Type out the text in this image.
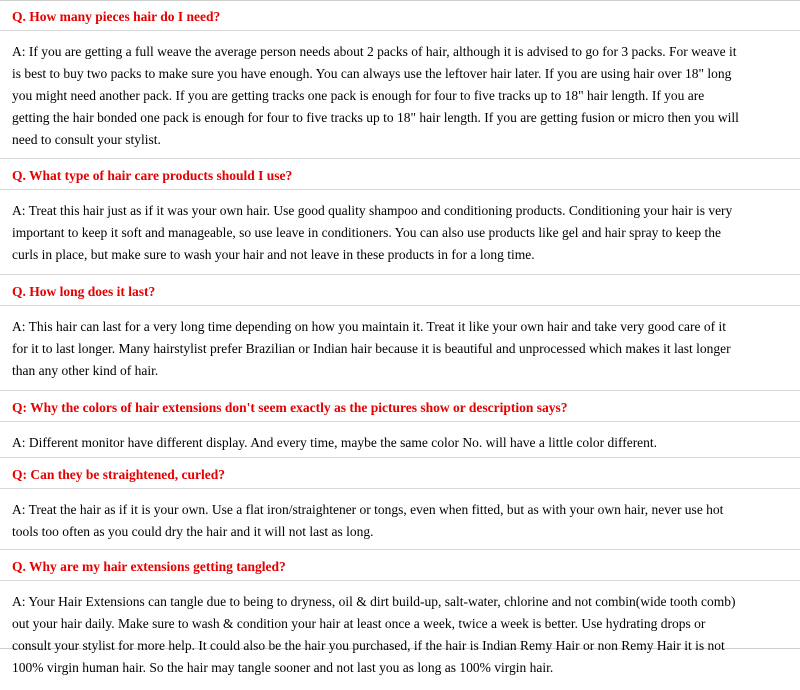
Q. How many pieces hair do I need?
A: If you are getting a full weave the average person needs about 2 packs of hair, although it is advised to go for 3 packs. For weave it is best to buy two packs to make sure you have enough. You can always use the leftover hair later. If you are using hair over 18" long you might need another pack. If you are getting tracks one pack is enough for four to five tracks up to 18" hair length. If you are getting the hair bonded one pack is enough for four to five tracks up to 18" hair length. If you are getting fusion or micro then you will need to consult your stylist.
Q. What type of hair care products should I use?
A: Treat this hair just as if it was your own hair. Use good quality shampoo and conditioning products. Conditioning your hair is very important to keep it soft and manageable, so use leave in conditioners. You can also use products like gel and hair spray to keep the curls in place, but make sure to wash your hair and not leave in these products in for a long time.
Q. How long does it last?
A: This hair can last for a very long time depending on how you maintain it. Treat it like your own hair and take very good care of it for it to last longer. Many hairstylist prefer Brazilian or Indian hair because it is beautiful and unprocessed which makes it last longer than any other kind of hair.
Q: Why the colors of hair extensions don't seem exactly as the pictures show or description says?
A: Different monitor have different display. And every time, maybe the same color No. will have a little color different.
Q: Can they be straightened, curled?
A: Treat the hair as if it is your own. Use a flat iron/straightener or tongs, even when fitted, but as with your own hair, never use hot tools too often as you could dry the hair and it will not last as long.
Q. Why are my hair extensions getting tangled?
A: Your Hair Extensions can tangle due to being to dryness, oil & dirt build-up, salt-water, chlorine and not combin(wide tooth comb) out your hair daily. Make sure to wash & condition your hair at least once a week, twice a week is better. Use hydrating drops or consult your stylist for more help. It could also be the hair you purchased, if the hair is Indian Remy Hair or non Remy Hair it is not 100% virgin human hair. So the hair may tangle sooner and not last you as long as 100% virgin hair.
